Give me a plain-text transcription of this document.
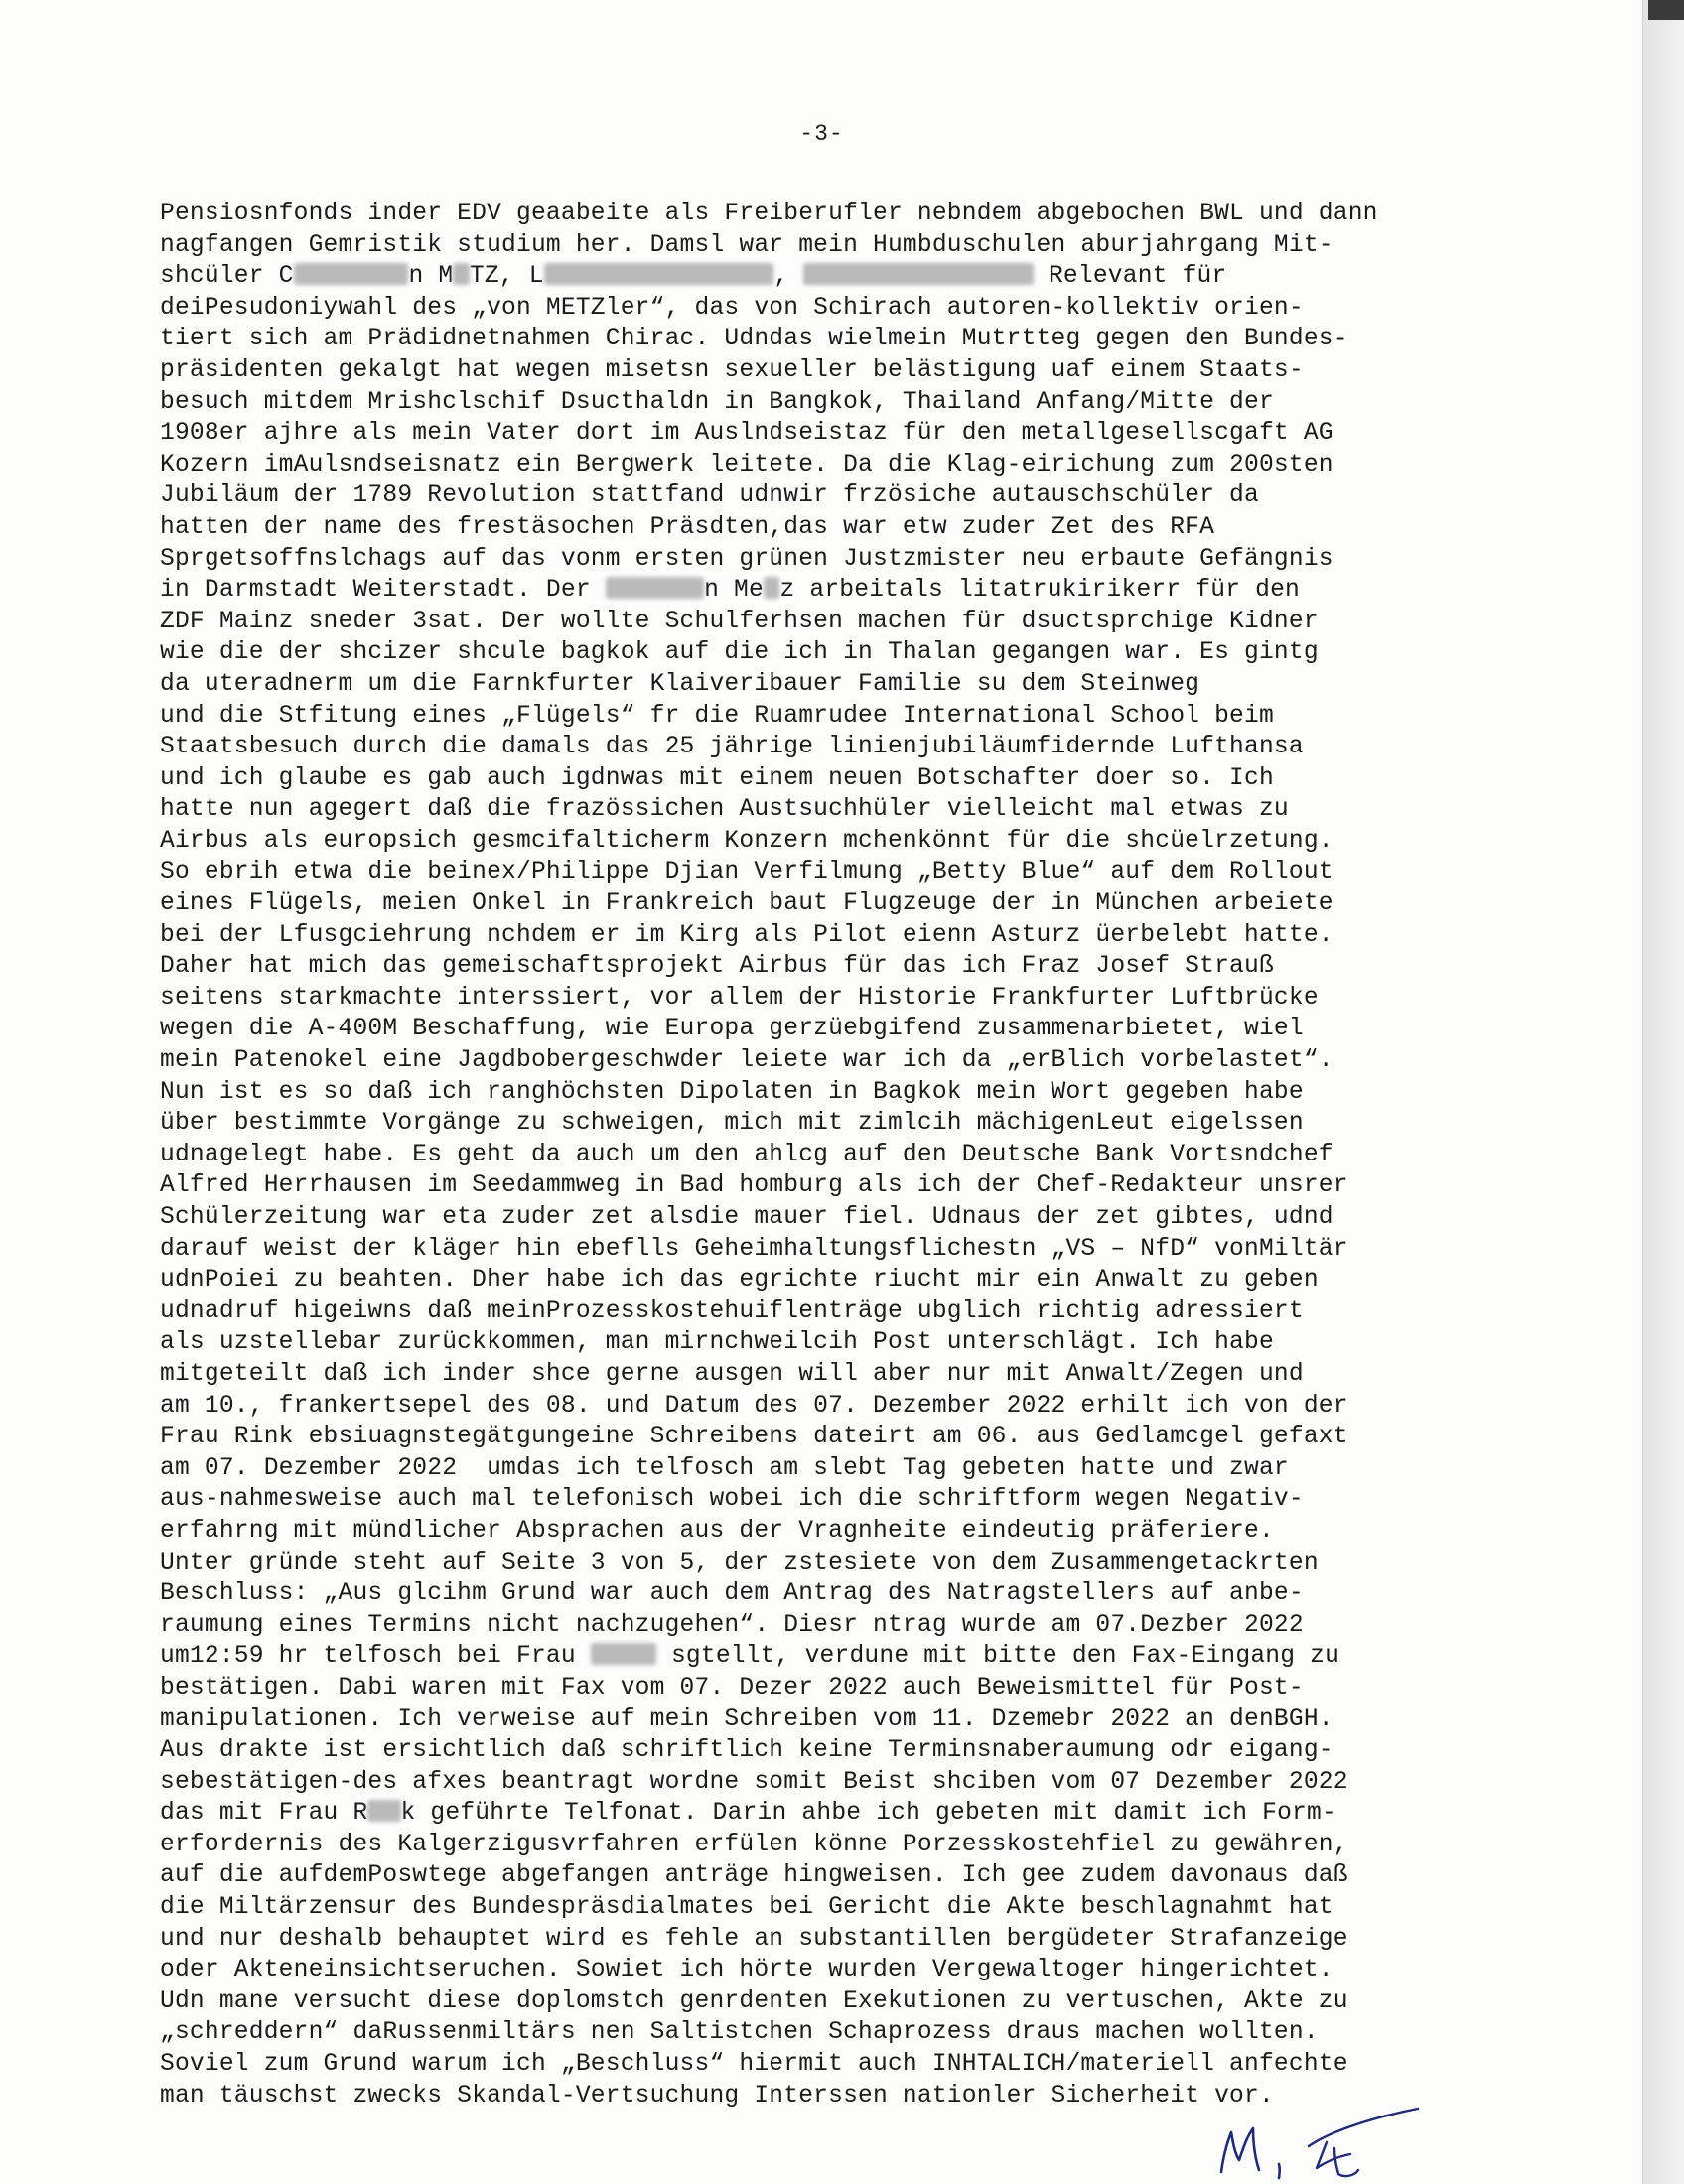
-3-
Pensiosnfonds inder EDV geaabeite als Freiberufler nebndem abgebochen BWL und dann
nagfangen Gemristik studium her. Damsl war mein Humbduschulen aburjahrgang Mit-
shcüler C	n M TZ, L	,	Relevant für
deiPesudoniywahl des „von METZler“, das von Schirach autoren-kollektiv orien-
tiert sich am Prädidnetnahmen Chirac. Udndas wielmein Mutrtteg gegen den Bundes-
präsidenten gekalgt hat wegen misetsn sexueller belästigung uaf einem Staats-
besuch mitdem Mrishclschif Dsucthaldn in Bangkok, Thailand Anfang/Mitte der
1908er ajhre als mein Vater dort im Auslndseistaz für den metallgesellscgaft AG
Kozern imAulsndseisnatz ein Bergwerk leitete. Da die Klag-eirichung zum 200sten
Jubiläum der 1789 Revolution stattfand udnwir frzösiche autauschschüler da
hatten der name des frestäsochen Präsdten,das war etw zuder Zet des RFA
Sprgetsoffnslchags auf das vonm ersten grünen Justzmister neu erbaute Gefängnis
in Darmstadt Weiterstadt. Der	n Me z arbeitals litatrukirikerr für den
ZDF Mainz sneder 3sat. Der wollte Schulferhsen machen für dsuctsprchige Kidner
wie die der shcizer shcule bagkok auf die ich in Thalan gegangen war. Es gintg
da uteradnerm um die Farnkfurter Klaiveribauer Familie su dem Steinweg
und die Stfitung eines „Flügels“ fr die Ruamrudee International School beim
Staatsbesuch durch die damals das 25 jährige linienjubiläumfidernde Lufthansa
und ich glaube es gab auch igdnwas mit einem neuen Botschafter doer so. Ich
hatte nun agegert daß die frazössichen Austsuchhüler vielleicht mal etwas zu
Airbus als europsich gesmcifalticherm Konzern mchenkönnt für die shcüelrzetung.
So ebrih etwa die beinex/Philippe Djian Verfilmung „Betty Blue“ auf dem Rollout
eines Flügels, meien Onkel in Frankreich baut Flugzeuge der in München arbeiete
bei der Lfusgciehrung nchdem er im Kirg als Pilot eienn Asturz üerbelebt hatte.
Daher hat mich das gemeischaftsprojekt Airbus für das ich Fraz Josef Strauß
seitens starkmachte interssiert, vor allem der Historie Frankfurter Luftbrücke
wegen die A-400M Beschaffung, wie Europa gerzüebgifend zusammenarbietet, wiel
mein Patenokel eine Jagdbobergeschwder leiete war ich da „erBlich vorbelastet“.
Nun ist es so daß ich ranghöchsten Dipolaten in Bagkok mein Wort gegeben habe
über bestimmte Vorgänge zu schweigen, mich mit zimlcih mächigenLeut eigelssen
udnagelegt habe. Es geht da auch um den ahlcg auf den Deutsche Bank Vortsndchef
Alfred Herrhausen im Seedammweg in Bad homburg als ich der Chef-Redakteur unsrer
Schülerzeitung war eta zuder zet alsdie mauer fiel. Udnaus der zet gibtes, udnd
darauf weist der kläger hin ebeflls Geheimhaltungsflichestn „VS – NfD“ vonMiltär
udnPoiei zu beahten. Dher habe ich das egrichte riucht mir ein Anwalt zu geben
udnadruf higeiwns daß meinProzesskostehuiflenträge ubglich richtig adressiert
als uzstellebar zurückkommen, man mirnchweilcih Post unterschlägt. Ich habe
mitgeteilt daß ich inder shce gerne ausgen will aber nur mit Anwalt/Zegen und
am 10., frankertsepel des 08. und Datum des 07. Dezember 2022 erhilt ich von der
Frau Rink ebsiuagnstegätgungeine Schreibens dateirt am 06. aus Gedlamcgel gefaxt
am 07. Dezember 2022  umdas ich telfosch am slebt Tag gebeten hatte und zwar
aus-nahmesweise auch mal telefonisch wobei ich die schriftform wegen Negativ-
erfahrng mit mündlicher Absprachen aus der Vragnheite eindeutig präferiere.
Unter gründe steht auf Seite 3 von 5, der zstesiete von dem Zusammengetackrten
Beschluss: „Aus glcihm Grund war auch dem Antrag des Natragstellers auf anbe-
raumung eines Termins nicht nachzugehen“. Diesr ntrag wurde am 07.Dezber 2022
um12:59 hr telfosch bei Frau	sgtellt, verdune mit bitte den Fax-Eingang zu
bestätigen. Dabi waren mit Fax vom 07. Dezer 2022 auch Beweismittel für Post-
manipulationen. Ich verweise auf mein Schreiben vom 11. Dzemebr 2022 an denBGH.
Aus drakte ist ersichtlich daß schriftlich keine Terminsnaberaumung odr eigang-
sebestätigen-des afxes beantragt wordne somit Beist shciben vom 07 Dezember 2022
das mit Frau R k geführte Telfonat. Darin ahbe ich gebeten mit damit ich Form-
erfordernis des Kalgerzigusvrfahren erfülen könne Porzesskostehfiel zu gewähren,
auf die aufdemPoswtege abgefangen anträge hingweisen. Ich gee zudem davonaus daß
die Miltärzensur des Bundespräsdialmates bei Gericht die Akte beschlagnahmt hat
und nur deshalb behauptet wird es fehle an substantillen bergüdeter Strafanzeige
oder Akteneinsichtseruchen. Sowiet ich hörte wurden Vergewaltoger hingerichtet.
Udn mane versucht diese doplomstch genrdenten Exekutionen zu vertuschen, Akte zu
„schreddern“ daRussenmiltärs nen Saltistchen Schaprozess draus machen wollten.
Soviel zum Grund warum ich „Beschluss“ hiermit auch INHTALICH/materiell anfechte
man täuschst zwecks Skandal-Vertsuchung Interssen nationler Sicherheit vor.
